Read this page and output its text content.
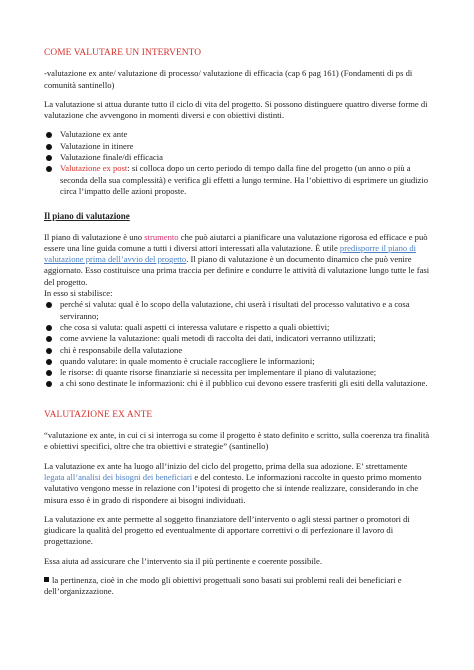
COME VALUTARE UN INTERVENTO

-valutazione ex ante/ valutazione di processo/ valutazione di efficacia (cap 6 pag 161) (Fondamenti di ps di comunità santinello)

La valutazione si attua durante tutto il ciclo di vita del progetto. Si possono distinguere quattro diverse forme di valutazione che avvengono in momenti diversi e con obiettivi distinti.

Valutazione ex ante
Valutazione in itinere
Valutazione finale/di efficacia
Valutazione ex post: si colloca dopo un certo periodo di tempo dalla fine del progetto (un anno o più a seconda della sua complessità) e verifica gli effetti a lungo termine. Ha l’obiettivo di esprimere un giudizio circa l’impatto delle azioni proposte.
Il piano di valutazione

Il piano di valutazione è uno strumento che può aiutarci a pianificare una valutazione rigorosa ed efficace e può essere una line guida comune a tutti i diversi attori interessati alla valutazione. È utile predisporre il piano di valutazione prima dell’avvio del progetto. Il piano di valutazione è un documento dinamico che può venire aggiornato. Esso costituisce una prima traccia per definire e condurre le attività di valutazione lungo tutte le fasi del progetto.

In esso si stabilisce:

perché si valuta: qual è lo scopo della valutazione, chi userà i risultati del processo valutativo e a cosa serviranno;
che cosa si valuta: quali aspetti ci interessa valutare e rispetto a quali obiettivi;
come avviene la valutazione: quali metodi di raccolta dei dati, indicatori verranno utilizzati;
chi è responsabile della valutazione
quando valutare: in quale momento è cruciale raccogliere le informazioni;
le risorse: di quante risorse finanziarie si necessita per implementare il piano di valutazione;
a chi sono destinate le informazioni: chi è il pubblico cui devono essere trasferiti gli esiti della valutazione.
VALUTAZIONE EX ANTE

“valutazione ex ante, in cui ci si interroga su come il progetto è stato definito e scritto, sulla coerenza tra finalità e obiettivi specifici, oltre che tra obiettivi e strategie” (santinello)

La valutazione ex ante ha luogo all’inizio del ciclo del progetto, prima della sua adozione. E’ strettamente legata all’analisi dei bisogni dei beneficiari e del contesto. Le informazioni raccolte in questo primo momento valutativo vengono messe in relazione con l’ipotesi di progetto che si intende realizzare, considerando in che misura esso è in grado di rispondere ai bisogni individuati.

La valutazione ex ante permette al soggetto finanziatore dell’intervento o agli stessi partner o promotori di giudicare la qualità del progetto ed eventualmente di apportare correttivi o di perfezionare il lavoro di progettazione.

Essa aiuta ad assicurare che l’intervento sia il più pertinente e coerente possibile.

la pertinenza, cioè in che modo gli obiettivi progettuali sono basati sui problemi reali dei beneficiari e dell’organizzazione.
